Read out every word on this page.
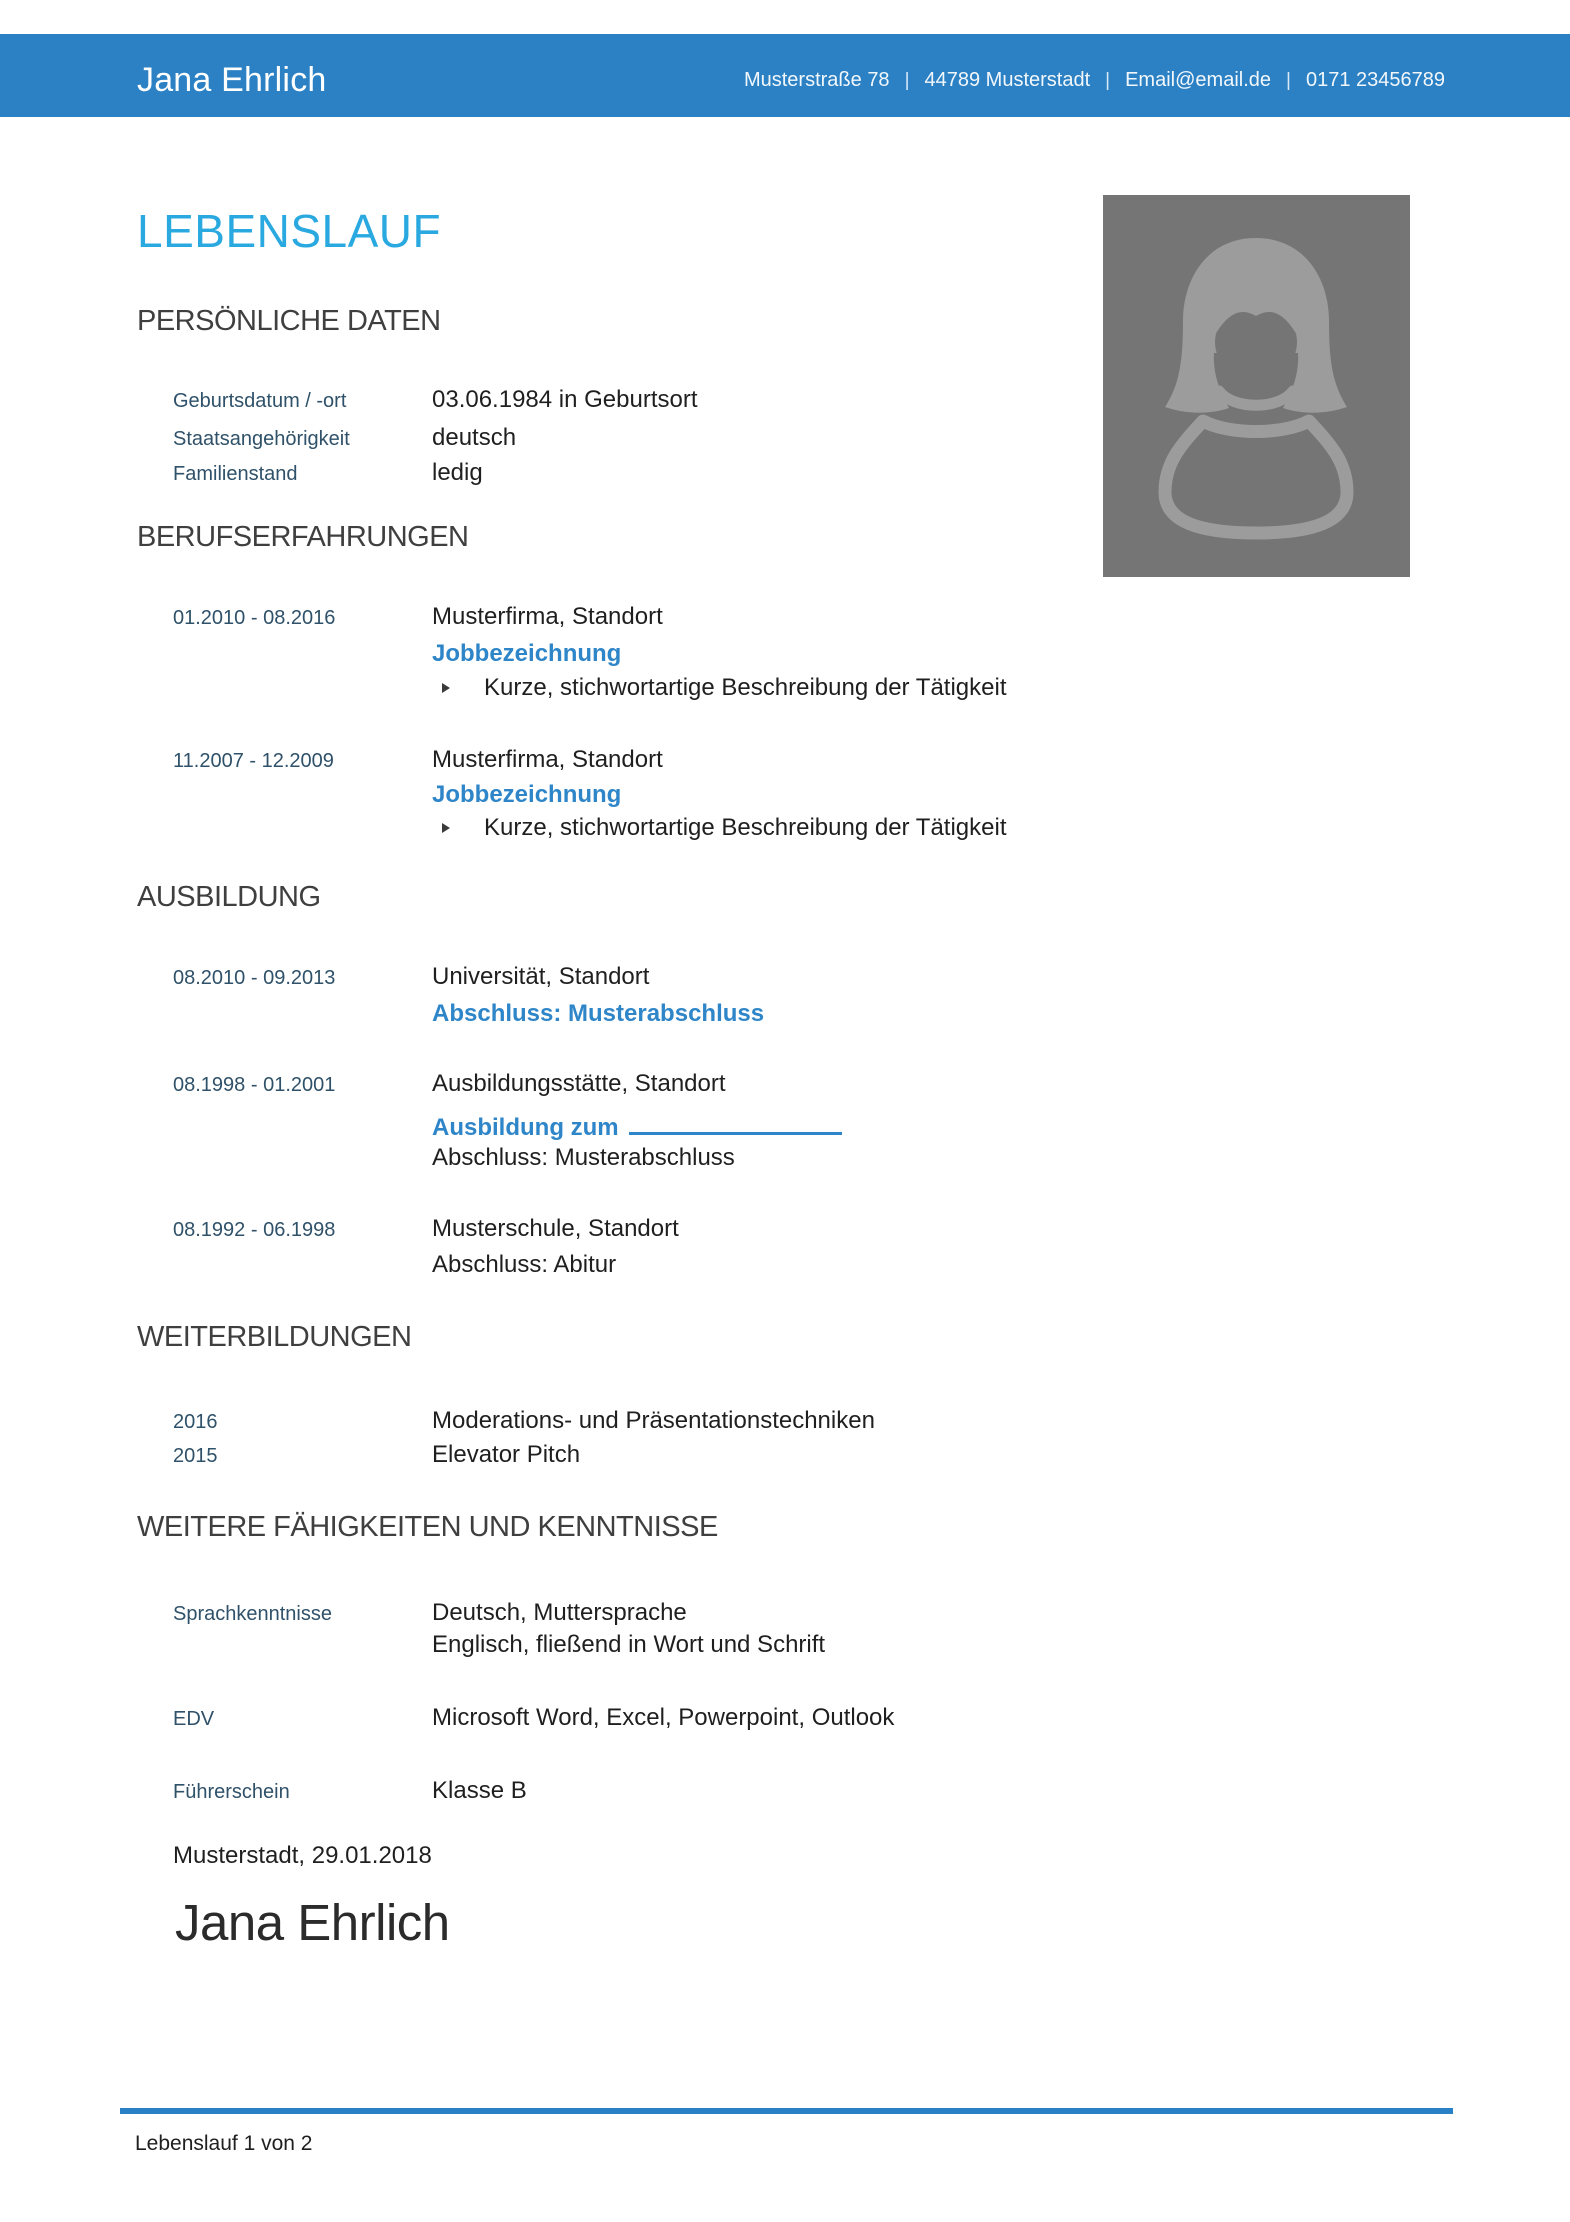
Jana Ehrlich	Musterstraße 78 | 44789 Musterstadt | Email@email.de | 0171 23456789
LEBENSLAUF
PERSÖNLICHE DATEN
Geburtsdatum / -ort	03.06.1984 in Geburtsort
Staatsangehörigkeit	deutsch
Familienstand	ledig
BERUFSERFAHRUNGEN
01.2010 - 08.2016	Musterfirma, Standort
Jobbezeichnung
Kurze, stichwortartige Beschreibung der Tätigkeit
11.2007 - 12.2009	Musterfirma, Standort
Jobbezeichnung
Kurze, stichwortartige Beschreibung der Tätigkeit
AUSBILDUNG
08.2010 - 09.2013	Universität, Standort
Abschluss: Musterabschluss
08.1998 - 01.2001	Ausbildungsstätte, Standort
Ausbildung zum
Abschluss: Musterabschluss
08.1992 - 06.1998	Musterschule, Standort
Abschluss: Abitur
WEITERBILDUNGEN
2016	Moderations- und Präsentationstechniken
2015	Elevator Pitch
WEITERE FÄHIGKEITEN UND KENNTNISSE
Sprachkenntnisse	Deutsch, Muttersprache
Englisch, fließend in Wort und Schrift
EDV	Microsoft Word, Excel, Powerpoint, Outlook
Führerschein	Klasse B
Musterstadt, 29.01.2018
Jana Ehrlich
Lebenslauf 1 von 2
